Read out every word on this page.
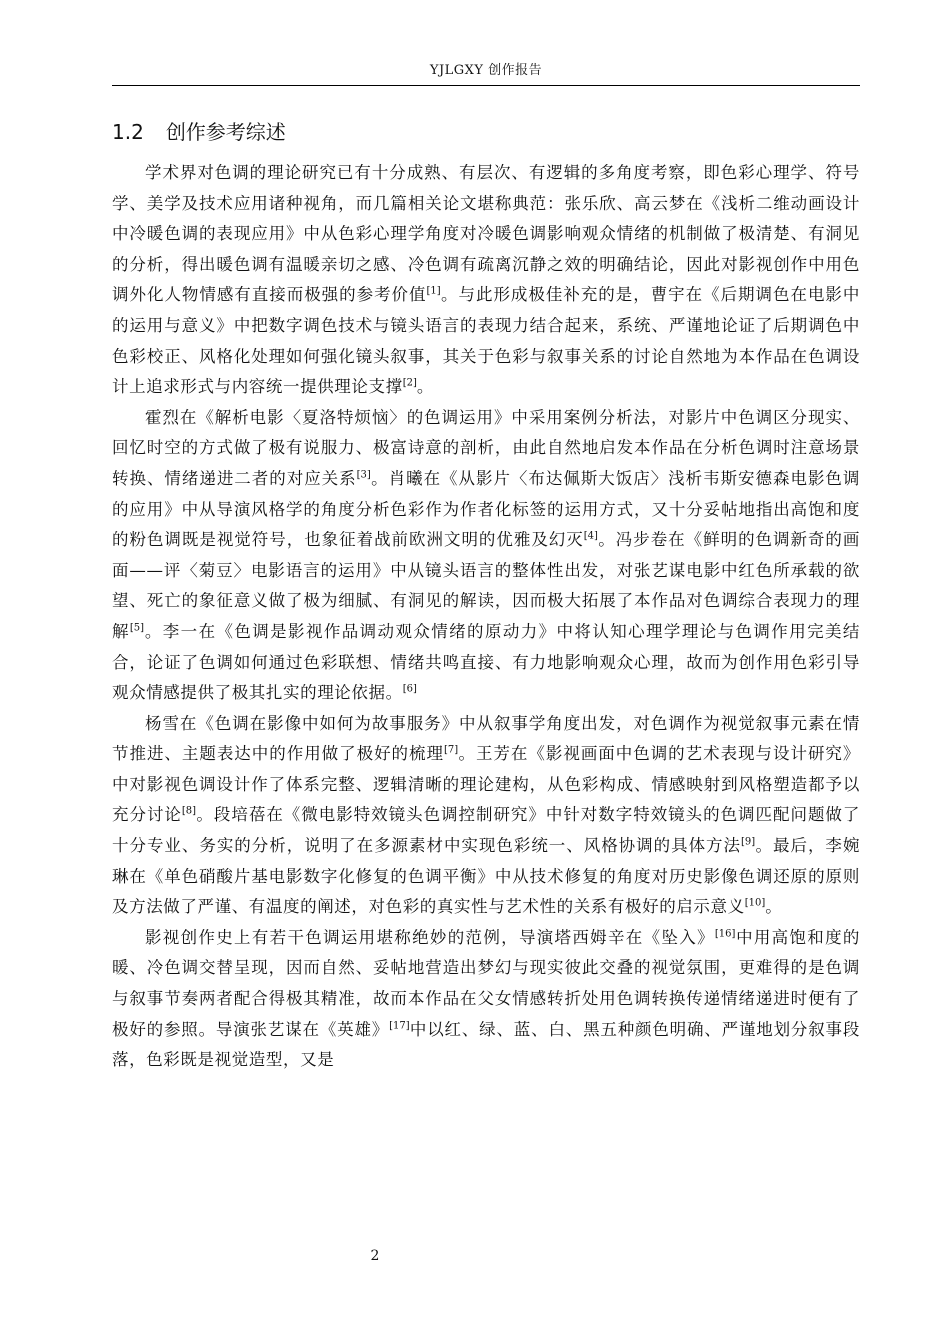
YJLGXY 创作报告
1.2 创作参考综述

学术界对色调的理论研究已有十分成熟、有层次、有逻辑的多角度考察，即色彩心理学、符号学、美学及技术应用诸种视角，而几篇相关论文堪称典范：张乐欣、高云梦在《浅析二维动画设计中冷暖色调的表现应用》中从色彩心理学角度对冷暖色调影响观众情绪的机制做了极清楚、有洞见的分析，得出暖色调有温暖亲切之感、冷色调有疏离沉静之效的明确结论，因此对影视创作中用色调外化人物情感有直接而极强的参考价值[1]。与此形成极佳补充的是，曹宇在《后期调色在电影中的运用与意义》中把数字调色技术与镜头语言的表现力结合起来，系统、严谨地论证了后期调色中色彩校正、风格化处理如何强化镜头叙事，其关于色彩与叙事关系的讨论自然地为本作品在色调设计上追求形式与内容统一提供理论支撑[2]。

霍烈在《解析电影〈夏洛特烦恼〉的色调运用》中采用案例分析法，对影片中色调区分现实、回忆时空的方式做了极有说服力、极富诗意的剖析，由此自然地启发本作品在分析色调时注意场景转换、情绪递进二者的对应关系[3]。肖曦在《从影片〈布达佩斯大饭店〉浅析韦斯安德森电影色调的应用》中从导演风格学的角度分析色彩作为作者化标签的运用方式，又十分妥帖地指出高饱和度的粉色调既是视觉符号，也象征着战前欧洲文明的优雅及幻灭[4]。冯步卷在《鲜明的色调新奇的画面——评〈菊豆〉电影语言的运用》中从镜头语言的整体性出发，对张艺谋电影中红色所承载的欲望、死亡的象征意义做了极为细腻、有洞见的解读，因而极大拓展了本作品对色调综合表现力的理解[5]。李一在《色调是影视作品调动观众情绪的原动力》中将认知心理学理论与色调作用完美结合，论证了色调如何通过色彩联想、情绪共鸣直接、有力地影响观众心理，故而为创作用色彩引导观众情感提供了极其扎实的理论依据。[6]

杨雪在《色调在影像中如何为故事服务》中从叙事学角度出发，对色调作为视觉叙事元素在情节推进、主题表达中的作用做了极好的梳理[7]。王芳在《影视画面中色调的艺术表现与设计研究》中对影视色调设计作了体系完整、逻辑清晰的理论建构，从色彩构成、情感映射到风格塑造都予以充分讨论[8]。段培蓓在《微电影特效镜头色调控制研究》中针对数字特效镜头的色调匹配问题做了十分专业、务实的分析，说明了在多源素材中实现色彩统一、风格协调的具体方法[9]。最后，李婉琳在《单色硝酸片基电影数字化修复的色调平衡》中从技术修复的角度对历史影像色调还原的原则及方法做了严谨、有温度的阐述，对色彩的真实性与艺术性的关系有极好的启示意义[10]。

影视创作史上有若干色调运用堪称绝妙的范例，导演塔西姆辛在《坠入》[16]中用高饱和度的暖、冷色调交替呈现，因而自然、妥帖地营造出梦幻与现实彼此交叠的视觉氛围，更难得的是色调与叙事节奏两者配合得极其精准，故而本作品在父女情感转折处用色调转换传递情绪递进时便有了极好的参照。导演张艺谋在《英雄》[17]中以红、绿、蓝、白、黑五种颜色明确、严谨地划分叙事段落，色彩既是视觉造型，又是

2
